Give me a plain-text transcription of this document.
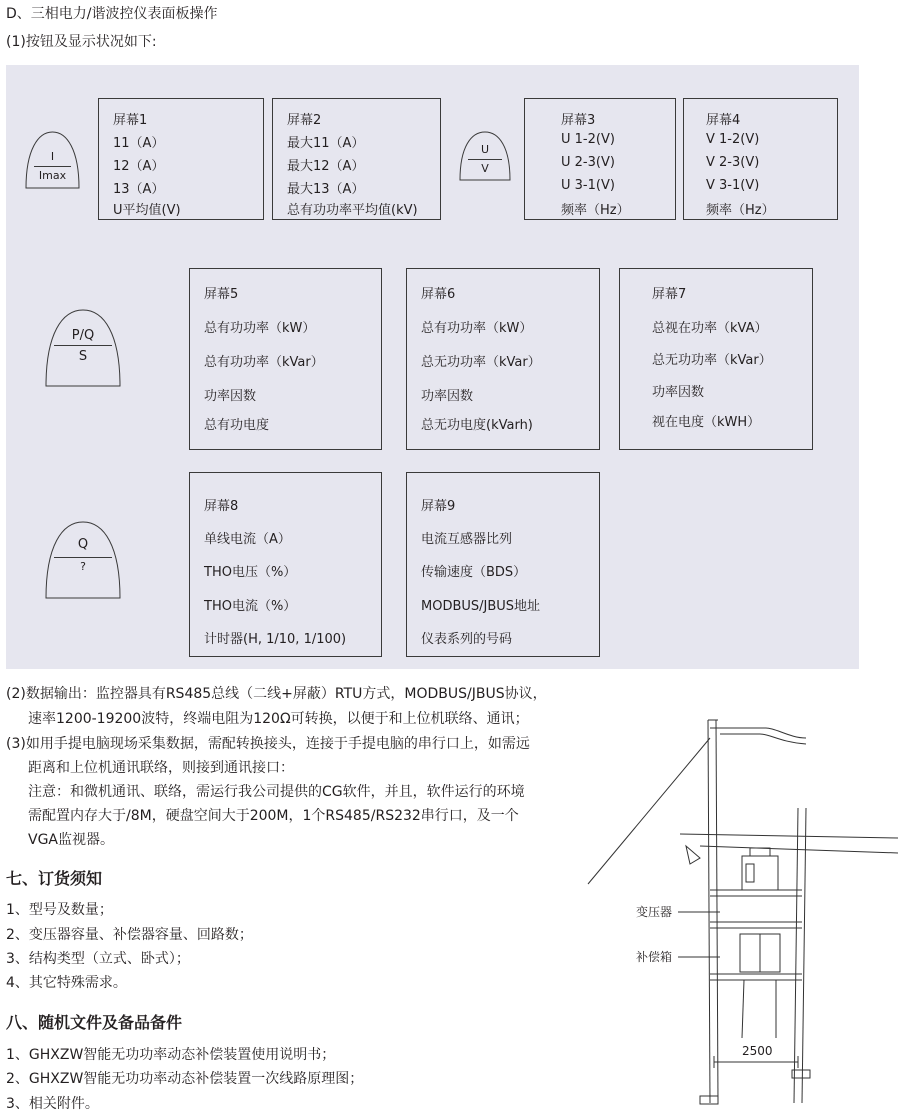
D、三相电力/谐波控仪表面板操作
(1)按钮及显示状况如下:
I
Imax
U
V
P/Q
S
Q
?
屏幕1
11（A）
12（A）
13（A）
U平均值(V)
屏幕2
最大11（A）
最大12（A）
最大13（A）
总有功功率平均值(kV)
屏幕3
U 1-2(V)
U 2-3(V)
U 3-1(V)
频率（Hz）
屏幕4
V 1-2(V)
V 2-3(V)
V 3-1(V)
频率（Hz）
屏幕5
总有功功率（kW）
总有功功率（kVar）
功率因数
总有功电度
屏幕6
总有功功率（kW）
总无功功率（kVar）
功率因数
总无功电度(kVarh)
屏幕7
总视在功率（kVA）
总无功功率（kVar）
功率因数
视在电度（kWH）
屏幕8
单线电流（A）
THO电压（%）
THO电流（%）
计时器(H, 1/10, 1/100)
屏幕9
电流互感器比列
传输速度（BDS）
MODBUS/JBUS地址
仪表系列的号码
(2)数据输出：监控器具有RS485总线（二线+屏蔽）RTU方式，MODBUS/JBUS协议，
速率1200-19200波特，终端电阻为120Ω可转换，以便于和上位机联络、通讯；
(3)如用手提电脑现场采集数据，需配转换接头，连接于手提电脑的串行口上，如需远
距离和上位机通讯联络，则接到通讯接口：
注意：和微机通讯、联络，需运行我公司提供的CG软件，并且，软件运行的环境
需配置内存大于/8M，硬盘空间大于200M，1个RS485/RS232串行口，及一个
VGA监视器。
七、订货须知
1、型号及数量；
2、变压器容量、补偿器容量、回路数；
3、结构类型（立式、卧式）；
4、其它特殊需求。
八、随机文件及备品备件
1、GHXZW智能无功功率动态补偿装置使用说明书；
2、GHXZW智能无功功率动态补偿装置一次线路原理图；
3、相关附件。
变压器
补偿箱
2500
